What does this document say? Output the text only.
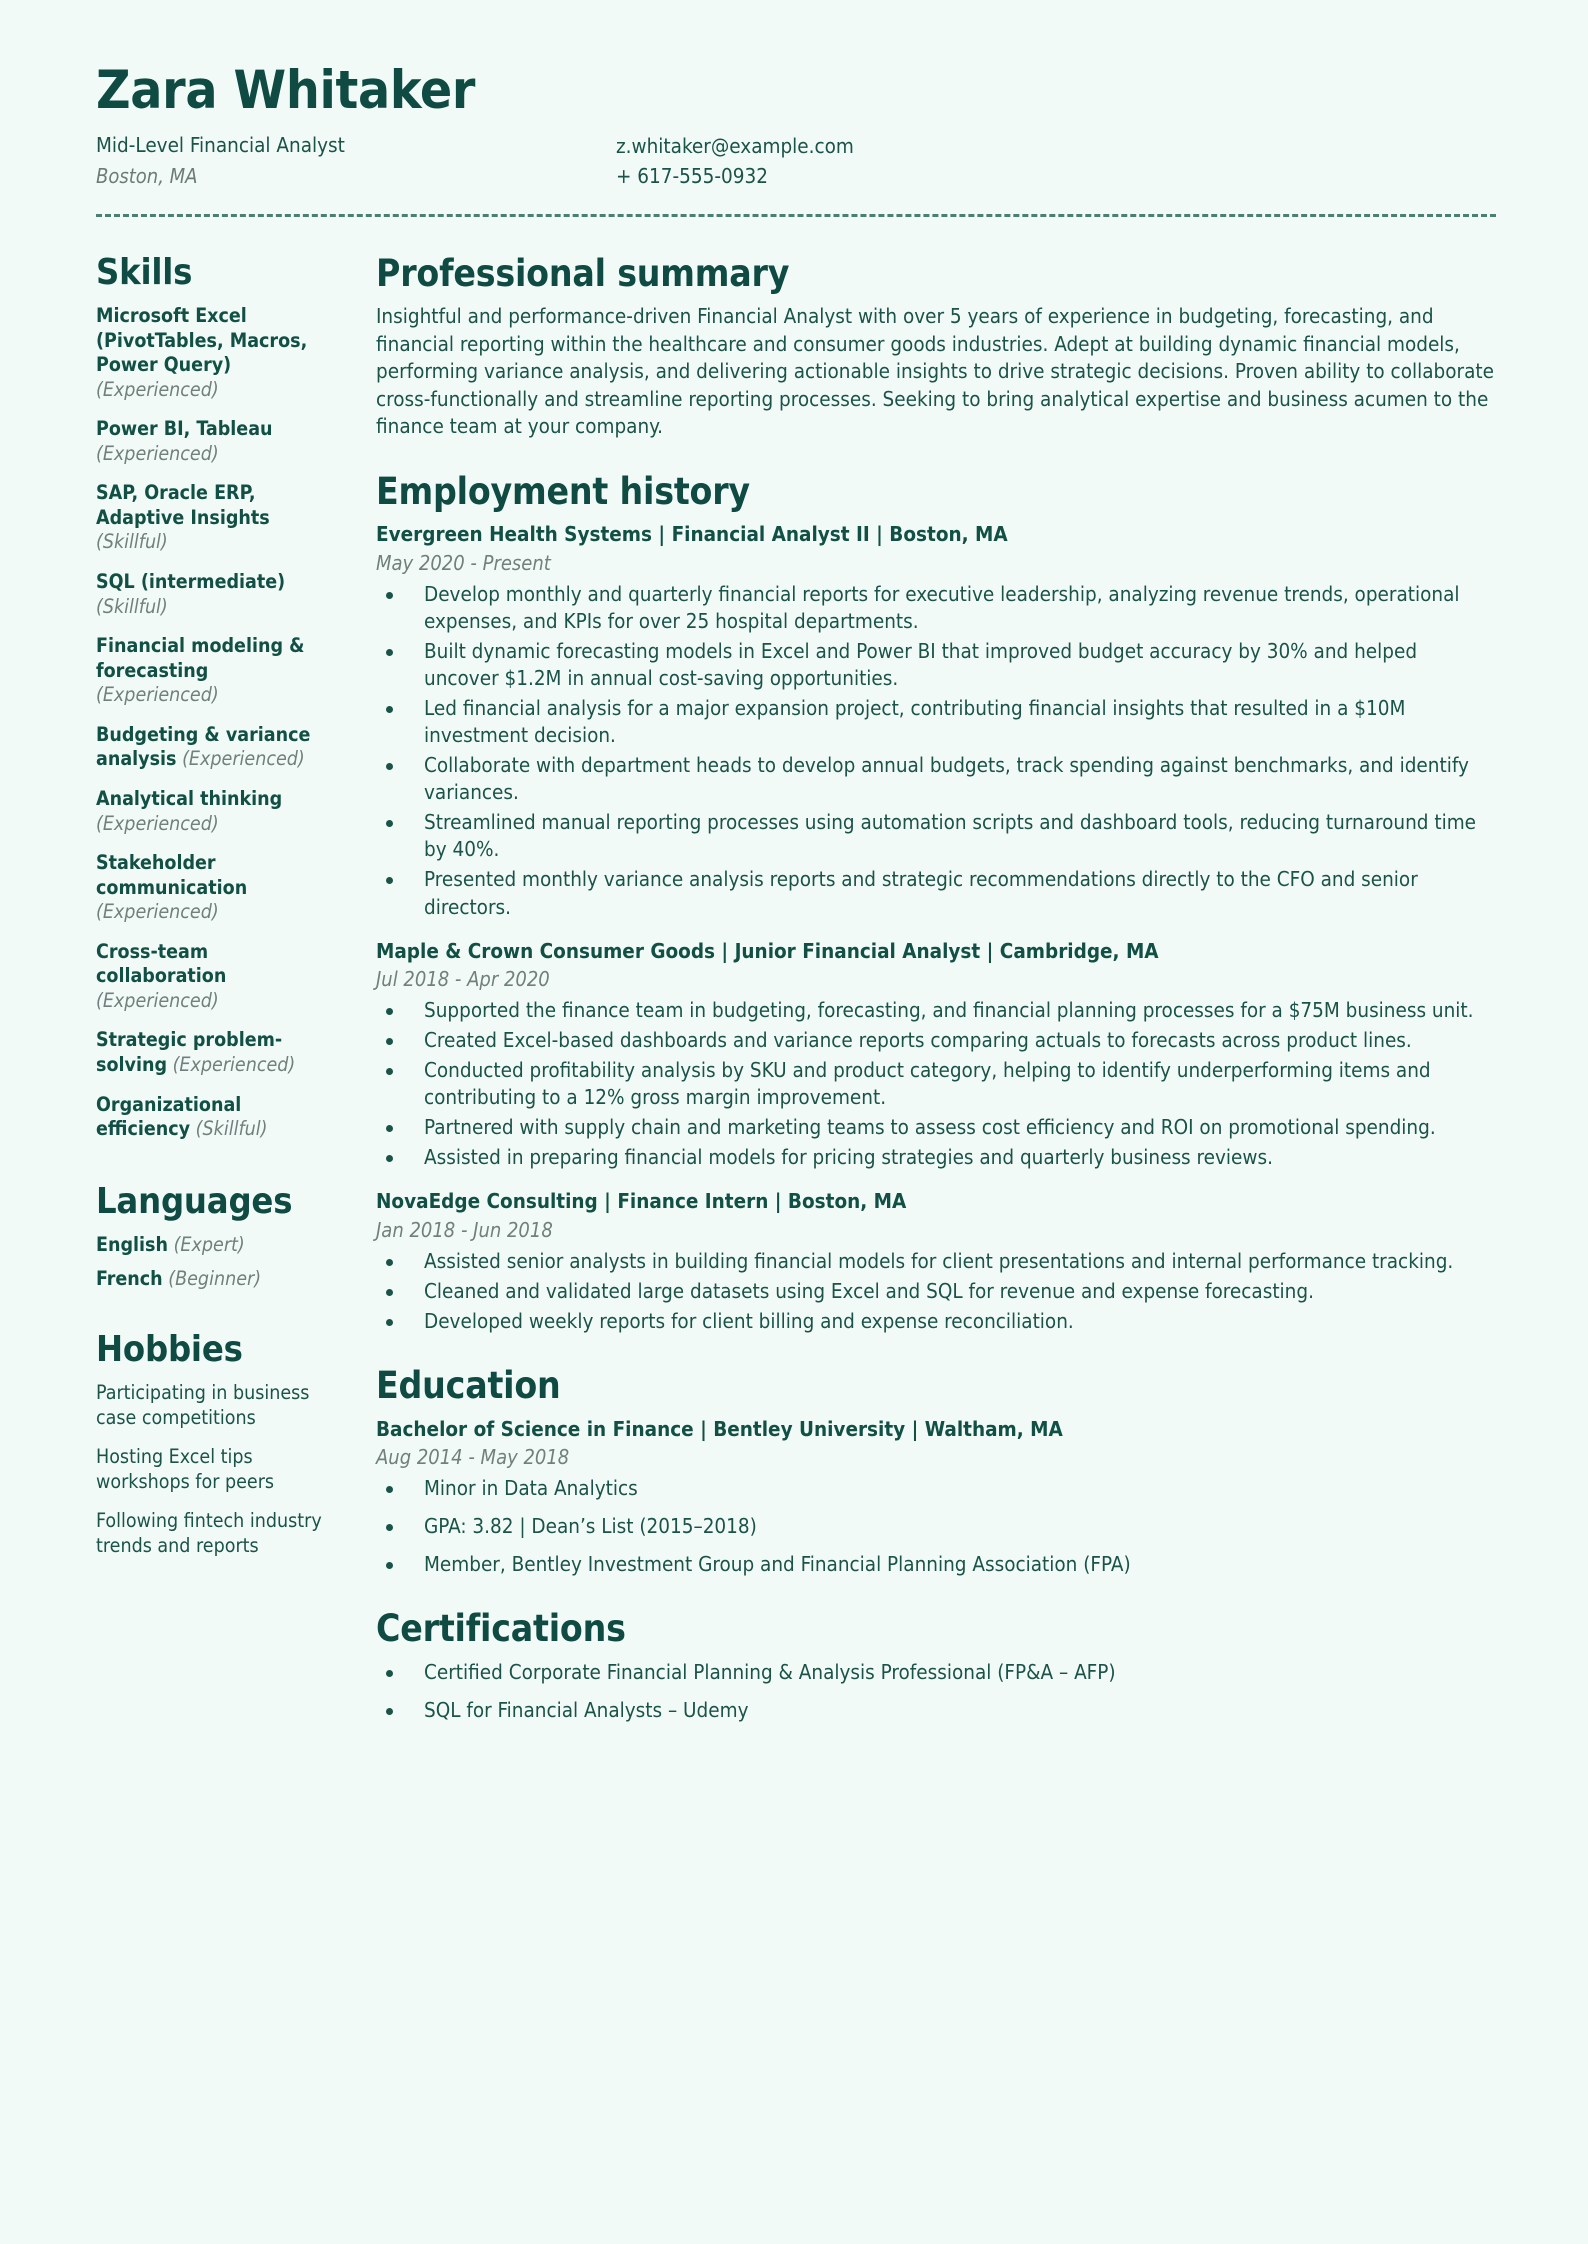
Zara Whitaker
Mid-Level Financial Analyst
Boston, MA
z.whitaker@example.com
+ 617-555-0932
Skills
Microsoft Excel (PivotTables, Macros, Power Query) (Experienced)
Power BI, Tableau (Experienced)
SAP, Oracle ERP, Adaptive Insights (Skillful)
SQL (intermediate) (Skillful)
Financial modeling & forecasting (Experienced)
Budgeting & variance analysis (Experienced)
Analytical thinking (Experienced)
Stakeholder communication (Experienced)
Cross-team collaboration (Experienced)
Strategic problem-solving (Experienced)
Organizational efficiency (Skillful)
Languages
English (Expert)
French (Beginner)
Hobbies
Participating in business case competitions
Hosting Excel tips workshops for peers
Following fintech industry trends and reports
Professional summary
Insightful and performance-driven Financial Analyst with over 5 years of experience in budgeting, forecasting, and financial reporting within the healthcare and consumer goods industries. Adept at building dynamic financial models, performing variance analysis, and delivering actionable insights to drive strategic decisions. Proven ability to collaborate cross-functionally and streamline reporting processes. Seeking to bring analytical expertise and business acumen to the finance team at your company.
Employment history
Evergreen Health Systems | Financial Analyst II | Boston, MA
May 2020 - Present
Develop monthly and quarterly financial reports for executive leadership, analyzing revenue trends, operational expenses, and KPIs for over 25 hospital departments.
Built dynamic forecasting models in Excel and Power BI that improved budget accuracy by 30% and helped uncover $1.2M in annual cost-saving opportunities.
Led financial analysis for a major expansion project, contributing financial insights that resulted in a $10M investment decision.
Collaborate with department heads to develop annual budgets, track spending against benchmarks, and identify variances.
Streamlined manual reporting processes using automation scripts and dashboard tools, reducing turnaround time by 40%.
Presented monthly variance analysis reports and strategic recommendations directly to the CFO and senior directors.
Maple & Crown Consumer Goods | Junior Financial Analyst | Cambridge, MA
Jul 2018 - Apr 2020
Supported the finance team in budgeting, forecasting, and financial planning processes for a $75M business unit.
Created Excel-based dashboards and variance reports comparing actuals to forecasts across product lines.
Conducted profitability analysis by SKU and product category, helping to identify underperforming items and contributing to a 12% gross margin improvement.
Partnered with supply chain and marketing teams to assess cost efficiency and ROI on promotional spending.
Assisted in preparing financial models for pricing strategies and quarterly business reviews.
NovaEdge Consulting | Finance Intern | Boston, MA
Jan 2018 - Jun 2018
Assisted senior analysts in building financial models for client presentations and internal performance tracking.
Cleaned and validated large datasets using Excel and SQL for revenue and expense forecasting.
Developed weekly reports for client billing and expense reconciliation.
Education
Bachelor of Science in Finance | Bentley University | Waltham, MA
Aug 2014 - May 2018
Minor in Data Analytics
GPA: 3.82 | Dean’s List (2015–2018)
Member, Bentley Investment Group and Financial Planning Association (FPA)
Certifications
Certified Corporate Financial Planning & Analysis Professional (FP&A – AFP)
SQL for Financial Analysts – Udemy
